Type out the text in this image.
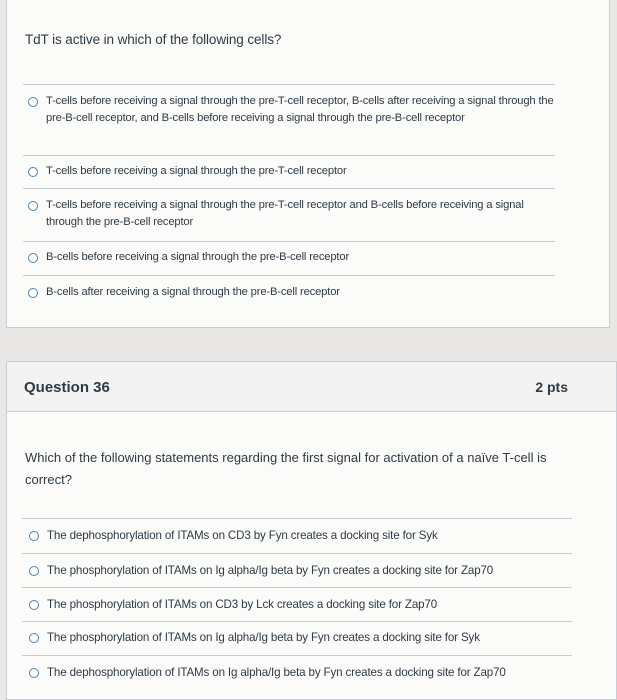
TdT is active in which of the following cells?
T-cells before receiving a signal through the pre-T-cell receptor, B-cells after receiving a signal through the pre-B-cell receptor, and B-cells before receiving a signal through the pre-B-cell receptor
T-cells before receiving a signal through the pre-T-cell receptor
T-cells before receiving a signal through the pre-T-cell receptor and B-cells before receiving a signal through the pre-B-cell receptor
B-cells before receiving a signal through the pre-B-cell receptor
B-cells after receiving a signal through the pre-B-cell receptor
Question 36	2 pts
Which of the following statements regarding the first signal for activation of a naïve T-cell is correct?
The dephosphorylation of ITAMs on CD3 by Fyn creates a docking site for Syk
The phosphorylation of ITAMs on Ig alpha/Ig beta by Fyn creates a docking site for Zap70
The phosphorylation of ITAMs on CD3 by Lck creates a docking site for Zap70
The phosphorylation of ITAMs on Ig alpha/Ig beta by Fyn creates a docking site for Syk
The dephosphorylation of ITAMs on Ig alpha/Ig beta by Fyn creates a docking site for Zap70
